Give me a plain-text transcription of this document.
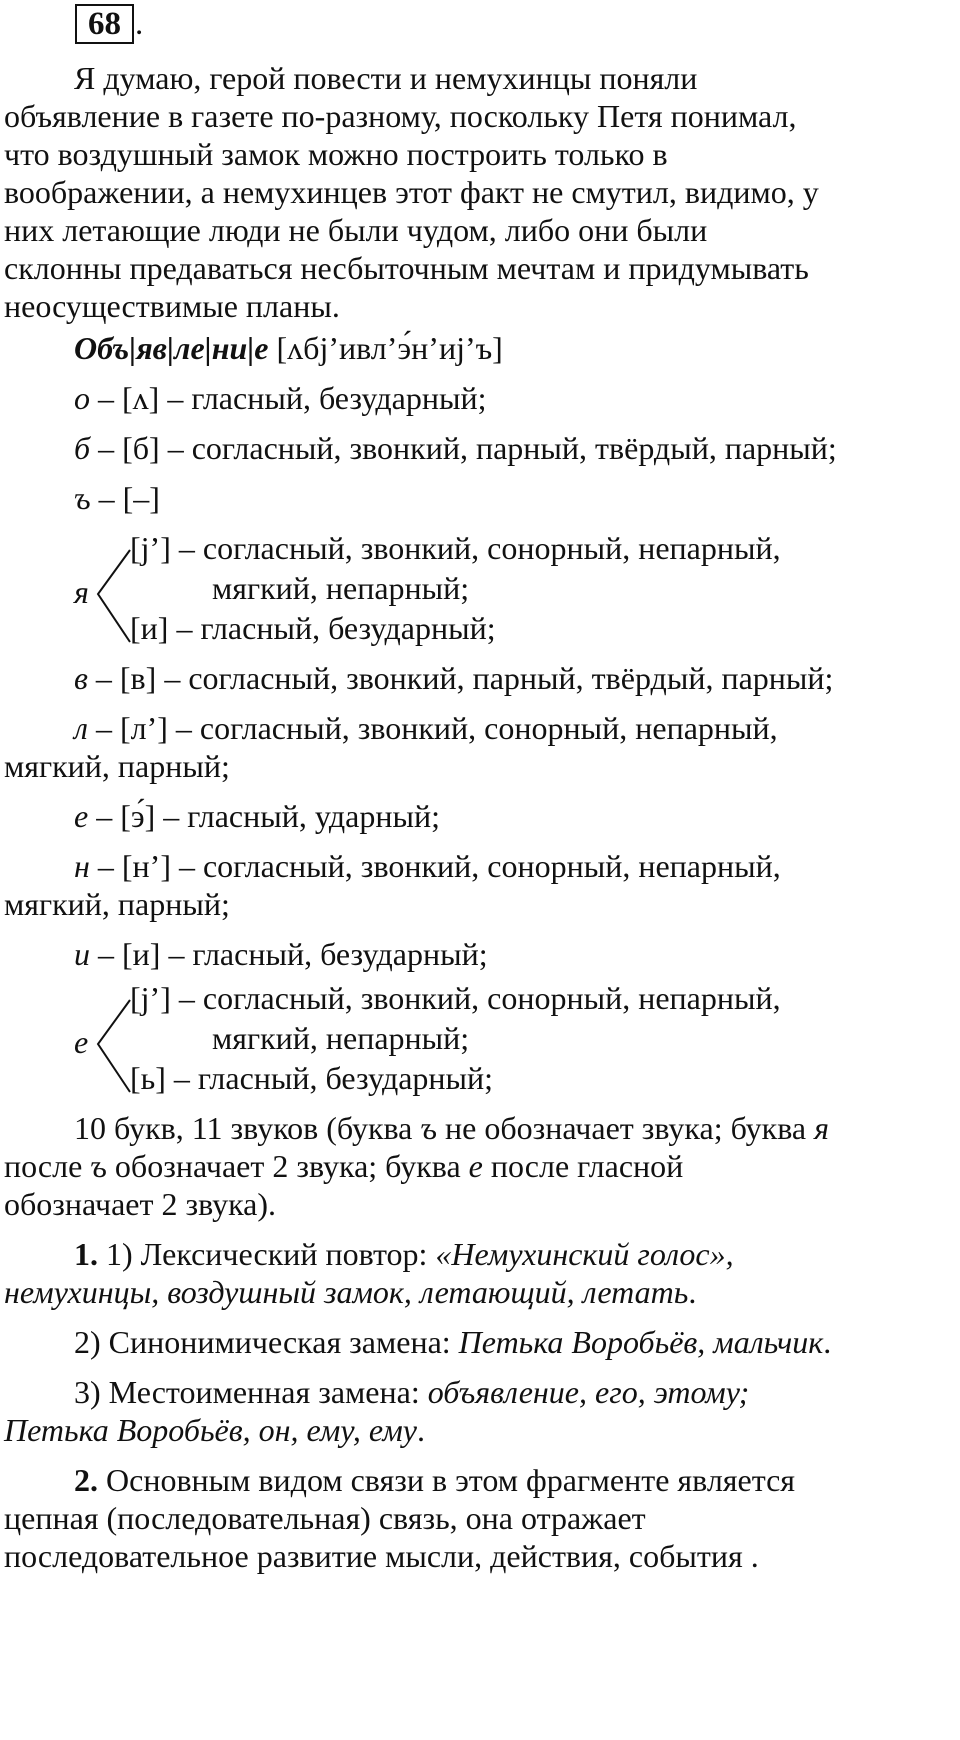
68 .
Я думаю, герой повести и немухинцы поняли
объявление в газете по-разному, поскольку Петя понимал,
что воздушный замок можно построить только в
воображении, а немухинцев этот факт не смутил, видимо, у
них летающие люди не были чудом, либо они были
склонны предаваться несбыточным мечтам и придумывать
неосуществимые планы.
Объ|яв|ле|ни|е [ʌбj’ивл’э́н’иj’ъ]
о – [ʌ] – гласный, безударный;
б – [б] – согласный, звонкий, парный, твёрдый, парный;
ъ – [–]
я
[j’] – согласный, звонкий, сонорный, непарный,
мягкий, непарный;
[и] – гласный, безударный;
в – [в] – согласный, звонкий, парный, твёрдый, парный;
л – [л’] – согласный, звонкий, сонорный, непарный,
мягкий, парный;
е – [э́] – гласный, ударный;
н – [н’] – согласный, звонкий, сонорный, непарный,
мягкий, парный;
и – [и] – гласный, безударный;
е
[j’] – согласный, звонкий, сонорный, непарный,
мягкий, непарный;
[ь] – гласный, безударный;
10 букв, 11 звуков (буква ъ не обозначает звука; буква я
после ъ обозначает 2 звука; буква е после гласной
обозначает 2 звука).
1. 1) Лексический повтор: «Немухинский голос»,
немухинцы, воздушный замок, летающий, летать.
2) Синонимическая замена: Петька Воробьёв, мальчик.
3) Местоименная замена: объявление, его, этому;
Петька Воробьёв, он, ему, ему.
2. Основным видом связи в этом фрагменте является
цепная (последовательная) связь, она отражает
последовательное развитие мысли, действия, события .
